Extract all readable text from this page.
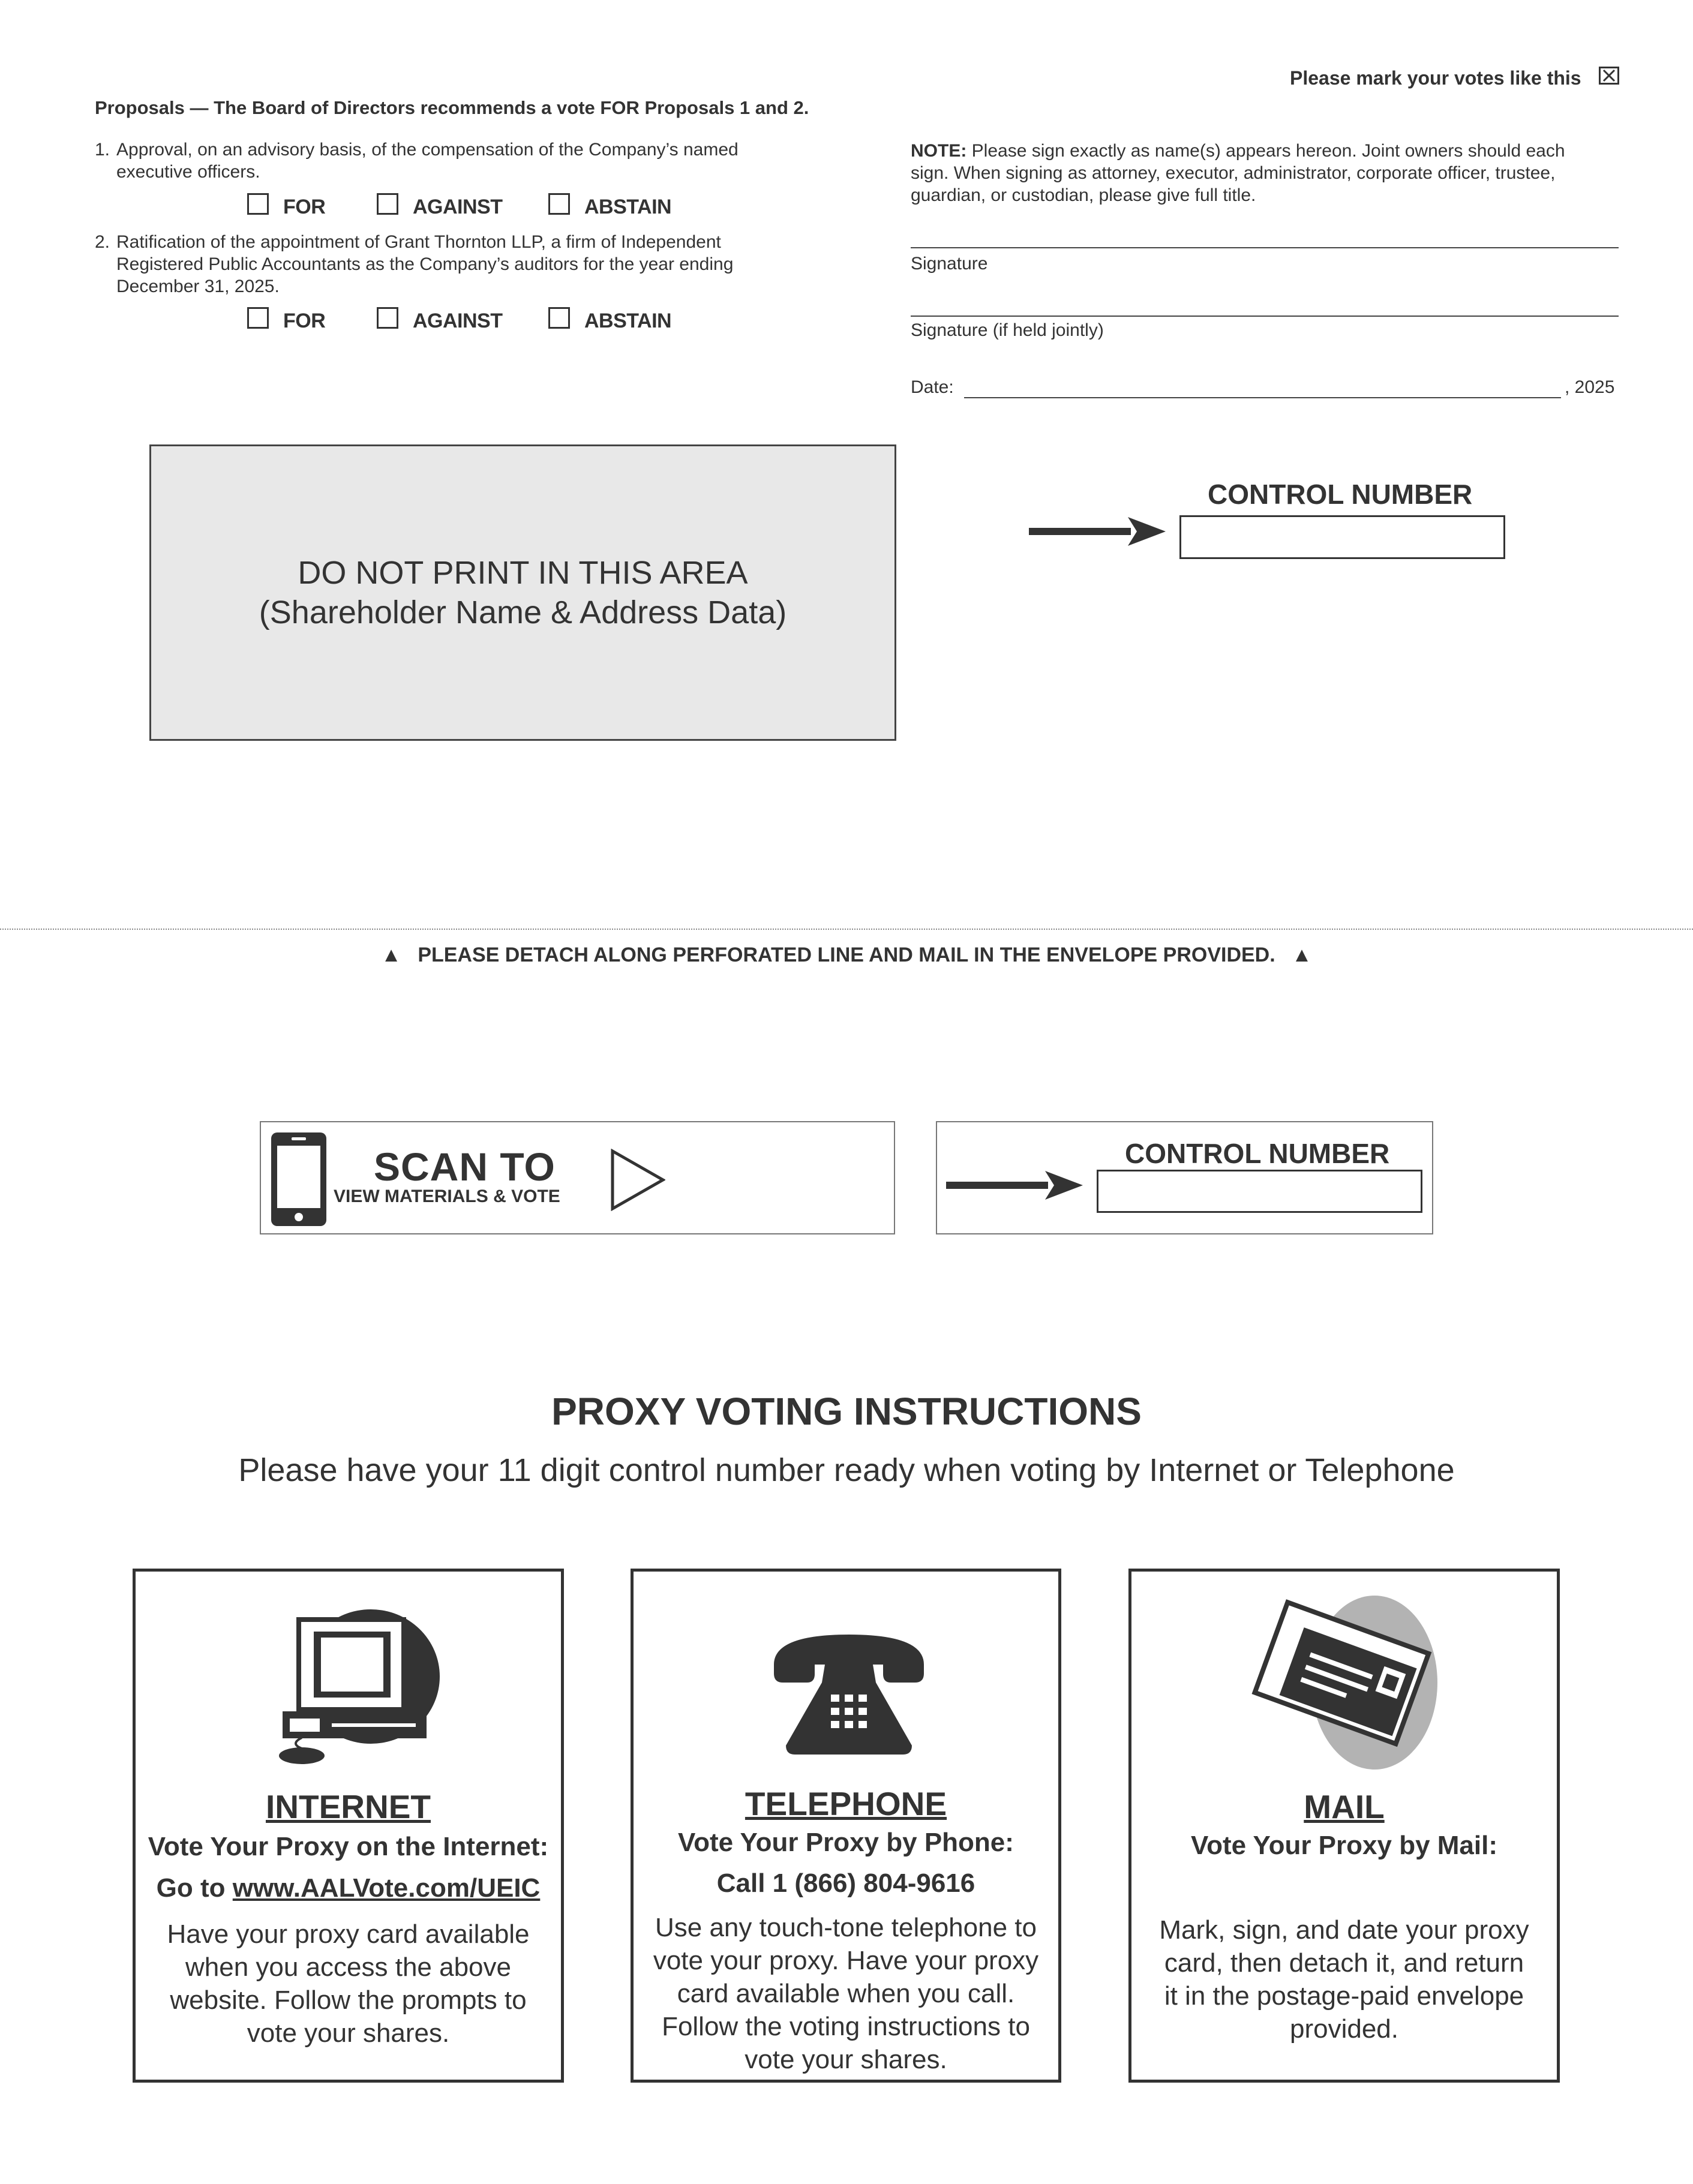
Please mark your votes like this
Proposals — The Board of Directors recommends a vote FOR Proposals 1 and 2.
1. Approval, on an advisory basis, of the compensation of the Company’s named
executive officers.
FOR	AGAINST	ABSTAIN
2. Ratification of the appointment of Grant Thornton LLP, a firm of Independent
Registered Public Accountants as the Company’s auditors for the year ending
December 31, 2025.
FOR	AGAINST	ABSTAIN
NOTE: Please sign exactly as name(s) appears hereon. Joint owners should each
sign. When signing as attorney, executor, administrator, corporate officer, trustee,
guardian, or custodian, please give full title.
Signature
Signature (if held jointly)
Date:	, 2025
DO NOT PRINT IN THIS AREA
(Shareholder Name & Address Data)
CONTROL NUMBER
▲ PLEASE DETACH ALONG PERFORATED LINE AND MAIL IN THE ENVELOPE PROVIDED. ▲
SCAN TO
VIEW MATERIALS & VOTE
CONTROL NUMBER
PROXY VOTING INSTRUCTIONS
Please have your 11 digit control number ready when voting by Internet or Telephone
INTERNET
Vote Your Proxy on the Internet:
Go to www.AALVote.com/UEIC
Have your proxy card available
when you access the above
website. Follow the prompts to
vote your shares.
TELEPHONE
Vote Your Proxy by Phone:
Call 1 (866) 804-9616
Use any touch-tone telephone to
vote your proxy. Have your proxy
card available when you call.
Follow the voting instructions to
vote your shares.
MAIL
Vote Your Proxy by Mail:
Mark, sign, and date your proxy
card, then detach it, and return
it in the postage-paid envelope
provided.
